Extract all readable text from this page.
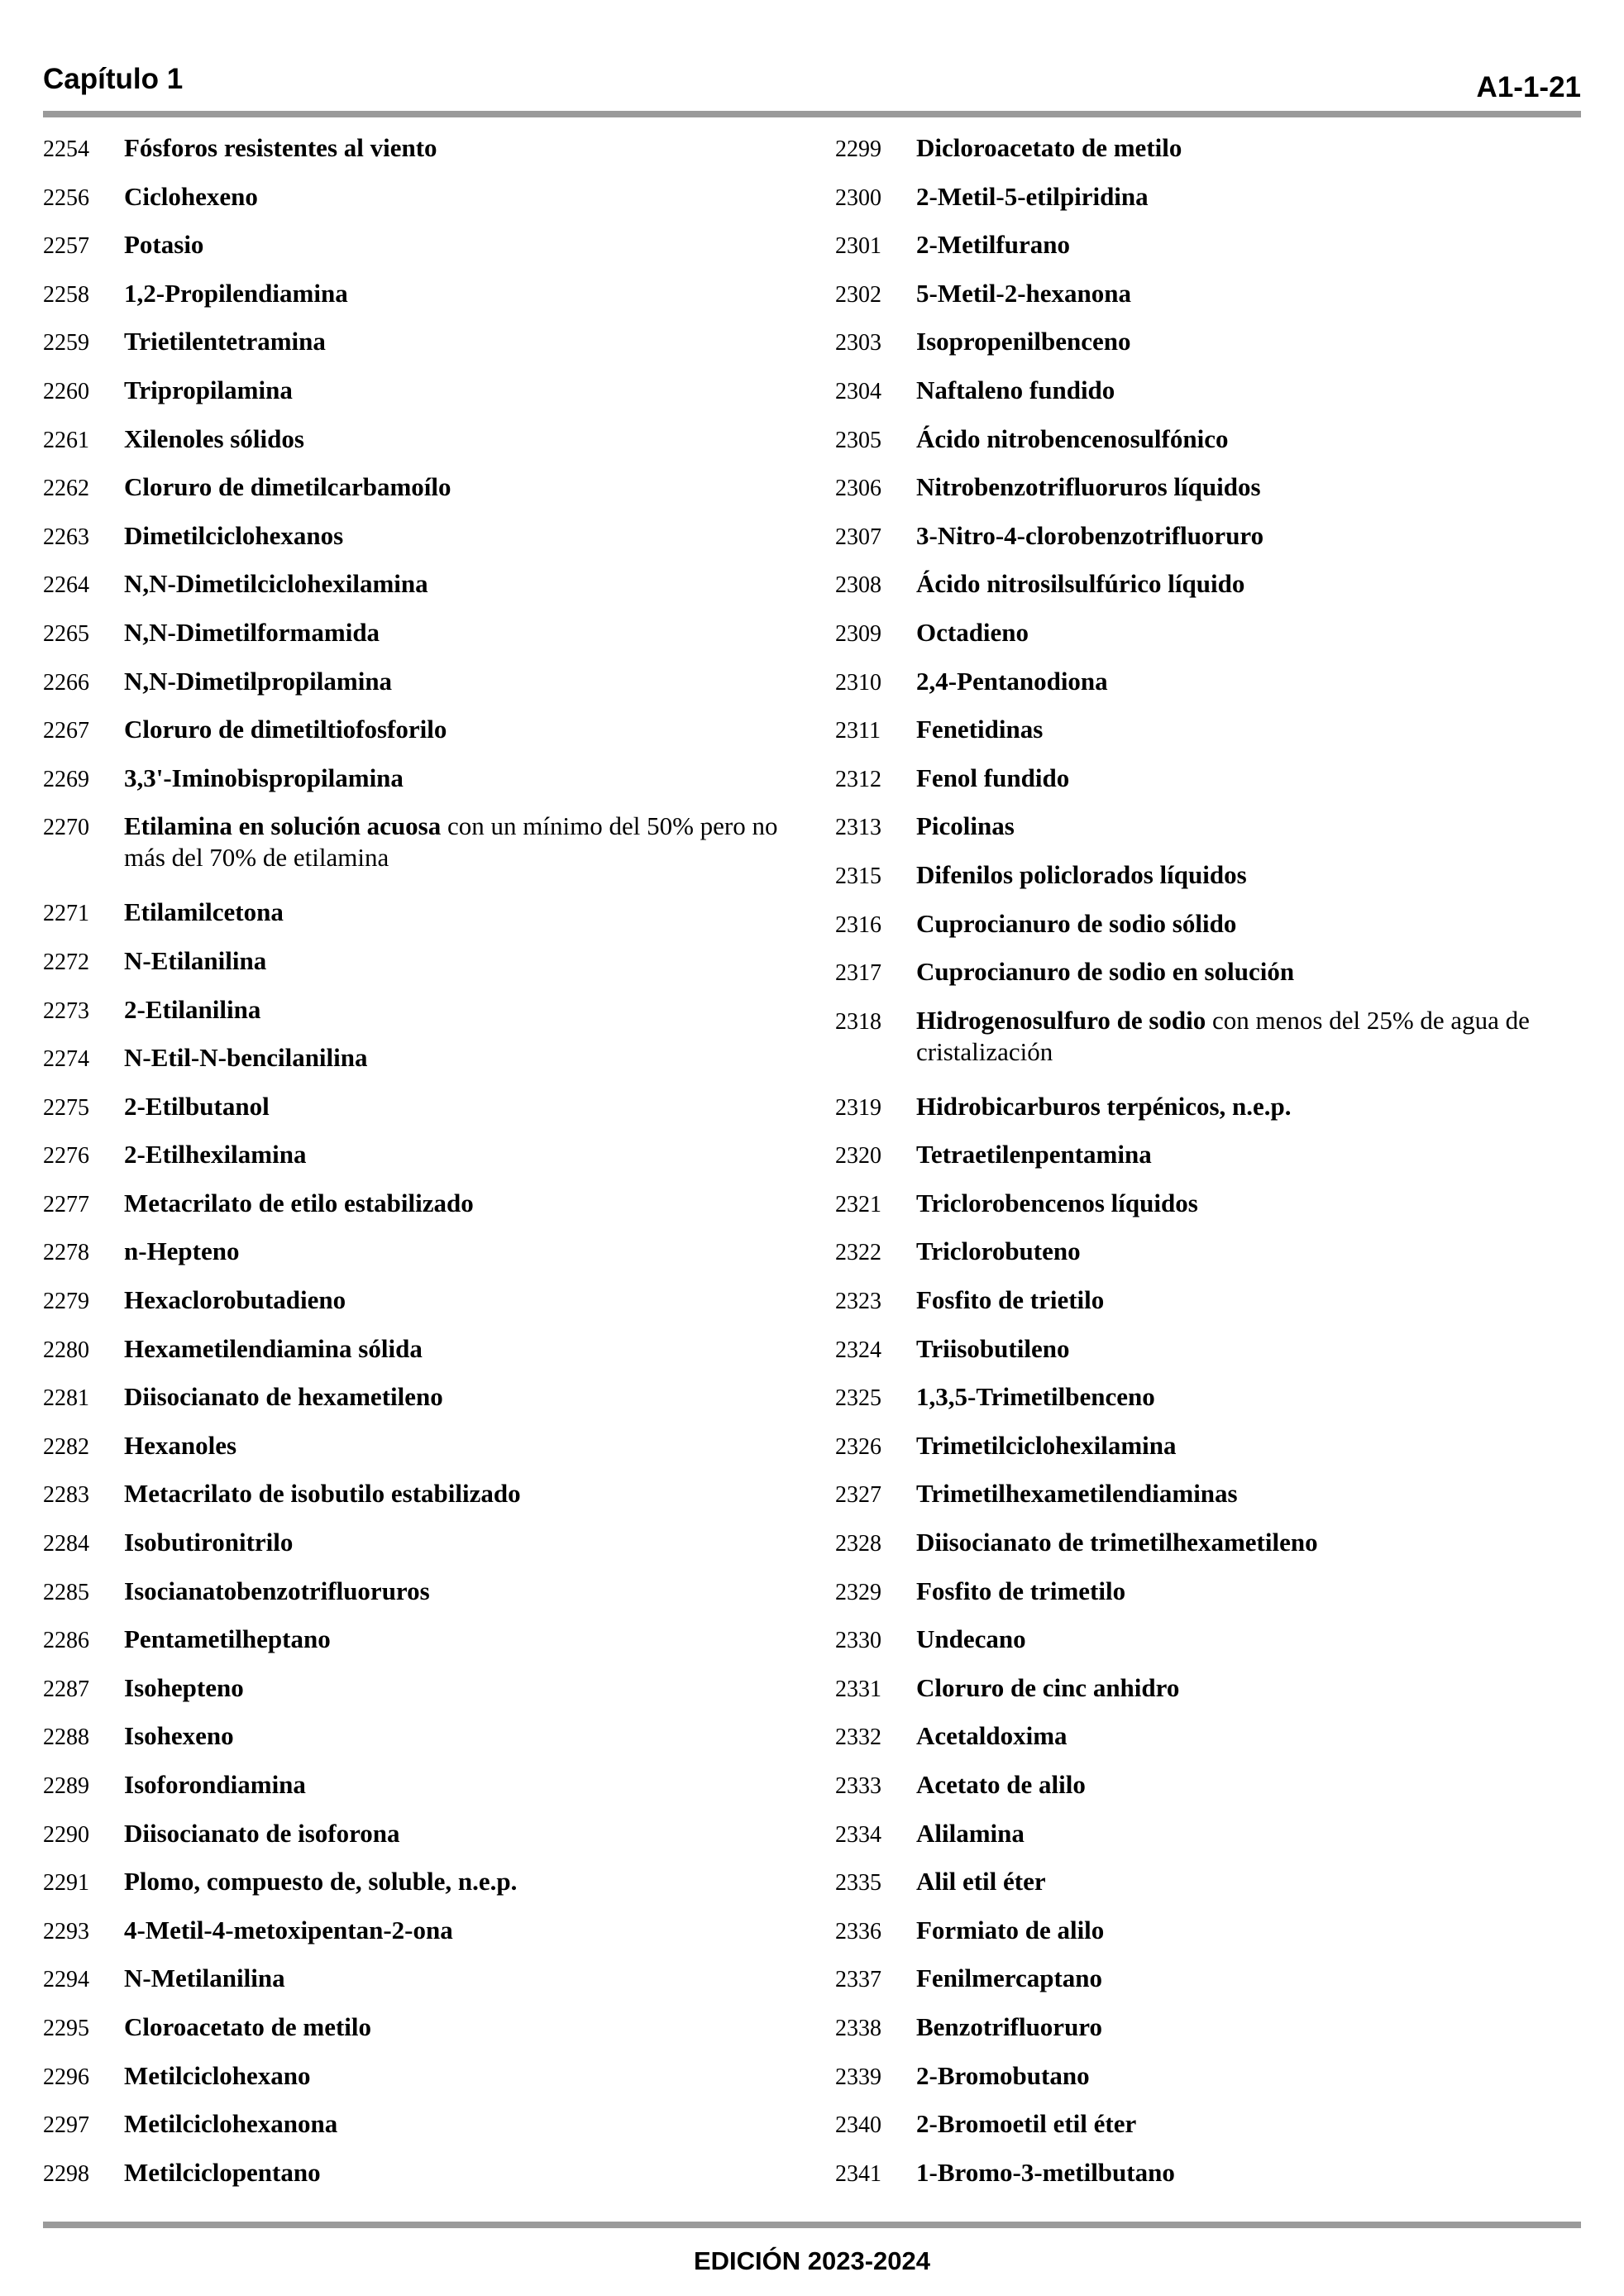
Capítulo 1	A1-1-21
2254	Fósforos resistentes al viento
2256	Ciclohexeno
2257	Potasio
2258	1,2-Propilendiamina
2259	Trietilentetramina
2260	Tripropilamina
2261	Xilenoles sólidos
2262	Cloruro de dimetilcarbamoílo
2263	Dimetilciclohexanos
2264	N,N-Dimetilciclohexilamina
2265	N,N-Dimetilformamida
2266	N,N-Dimetilpropilamina
2267	Cloruro de dimetiltiofosforilo
2269	3,3'-Iminobispropilamina
2270	Etilamina en solución acuosa con un mínimo del 50% pero no más del 70% de etilamina
2271	Etilamilcetona
2272	N-Etilanilina
2273	2-Etilanilina
2274	N-Etil-N-bencilanilina
2275	2-Etilbutanol
2276	2-Etilhexilamina
2277	Metacrilato de etilo estabilizado
2278	n-Hepteno
2279	Hexaclorobutadieno
2280	Hexametilendiamina sólida
2281	Diisocianato de hexametileno
2282	Hexanoles
2283	Metacrilato de isobutilo estabilizado
2284	Isobutironitrilo
2285	Isocianatobenzotrifluoruros
2286	Pentametilheptano
2287	Isohepteno
2288	Isohexeno
2289	Isoforondiamina
2290	Diisocianato de isoforona
2291	Plomo, compuesto de, soluble, n.e.p.
2293	4-Metil-4-metoxipentan-2-ona
2294	N-Metilanilina
2295	Cloroacetato de metilo
2296	Metilciclohexano
2297	Metilciclohexanona
2298	Metilciclopentano
2299	Dicloroacetato de metilo
2300	2-Metil-5-etilpiridina
2301	2-Metilfurano
2302	5-Metil-2-hexanona
2303	Isopropenilbenceno
2304	Naftaleno fundido
2305	Ácido nitrobencenosulfónico
2306	Nitrobenzotrifluoruros líquidos
2307	3-Nitro-4-clorobenzotrifluoruro
2308	Ácido nitrosilsulfúrico líquido
2309	Octadieno
2310	2,4-Pentanodiona
2311	Fenetidinas
2312	Fenol fundido
2313	Picolinas
2315	Difenilos policlorados líquidos
2316	Cuprocianuro de sodio sólido
2317	Cuprocianuro de sodio en solución
2318	Hidrogenosulfuro de sodio con menos del 25% de agua de cristalización
2319	Hidrobicarburos terpénicos, n.e.p.
2320	Tetraetilenpentamina
2321	Triclorobencenos líquidos
2322	Triclorobuteno
2323	Fosfito de trietilo
2324	Triisobutileno
2325	1,3,5-Trimetilbenceno
2326	Trimetilciclohexilamina
2327	Trimetilhexametilendiaminas
2328	Diisocianato de trimetilhexametileno
2329	Fosfito de trimetilo
2330	Undecano
2331	Cloruro de cinc anhidro
2332	Acetaldoxima
2333	Acetato de alilo
2334	Alilamina
2335	Alil etil éter
2336	Formiato de alilo
2337	Fenilmercaptano
2338	Benzotrifluoruro
2339	2-Bromobutano
2340	2-Bromoetil etil éter
2341	1-Bromo-3-metilbutano
EDICIÓN 2023-2024
